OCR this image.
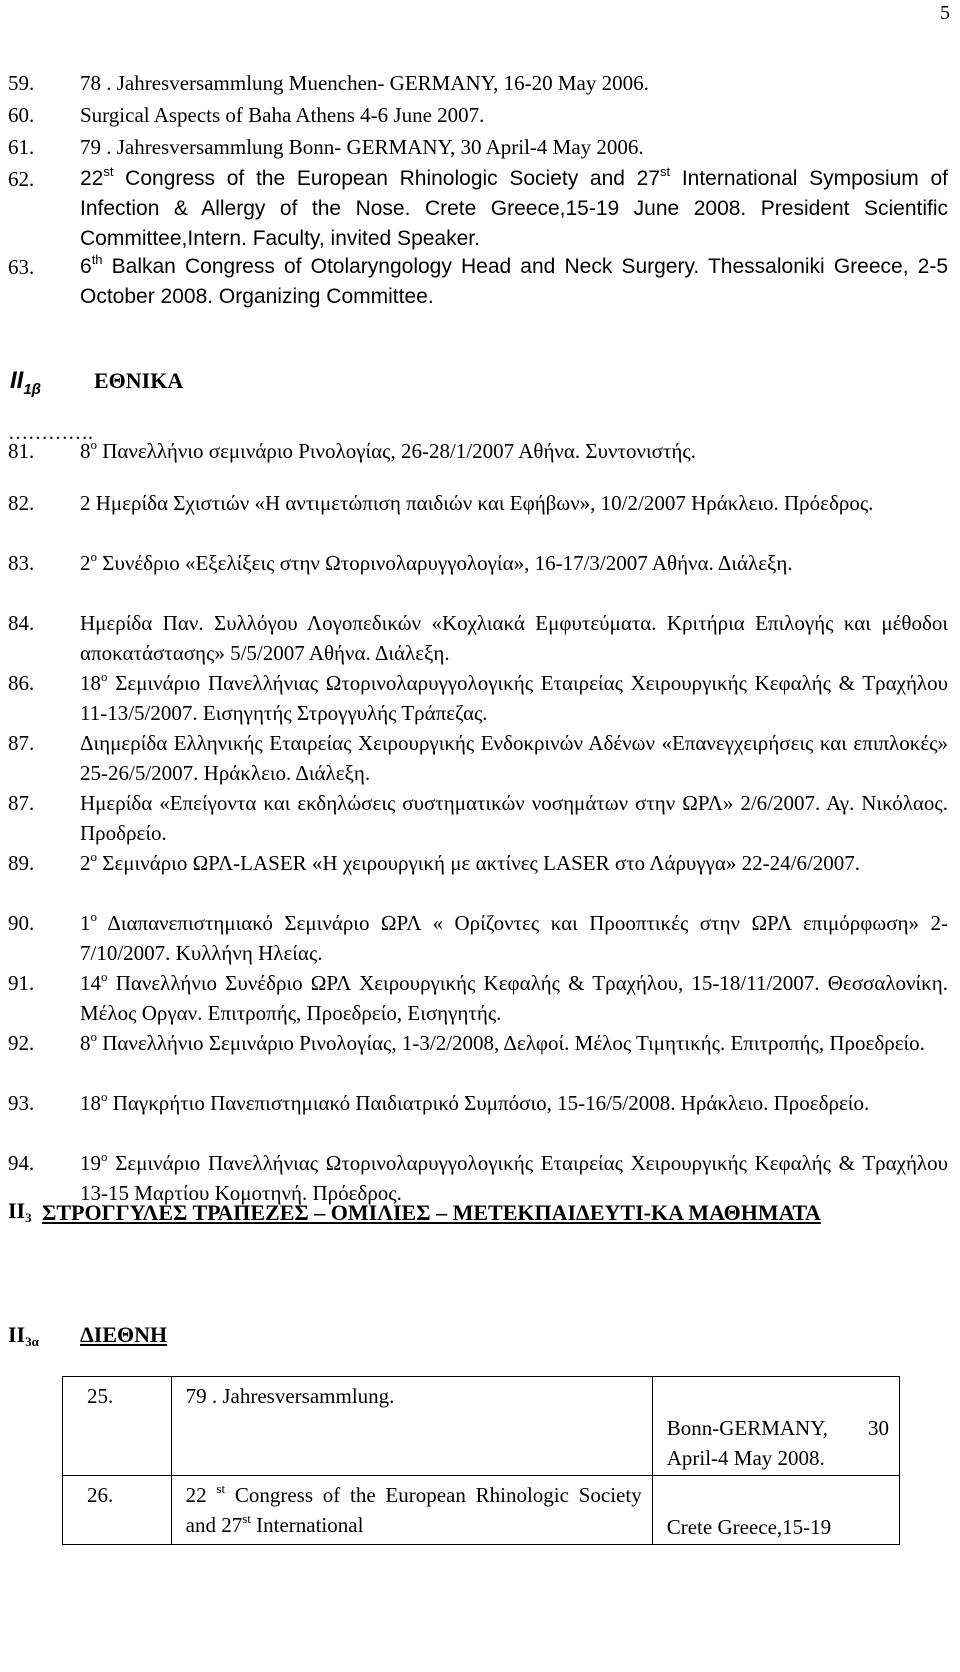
5
59.	78 . Jahresversammlung Muenchen- GERMANY, 16-20 May 2006.
60.	Surgical Aspects of Baha Athens 4-6 June 2007.
61.	79 . Jahresversammlung Bonn- GERMANY, 30 April-4 May 2006.
62.	22st Congress of the European Rhinologic Society and 27st International Symposium of Infection & Allergy of the Nose. Crete Greece,15-19 June 2008. President Scientific Committee,Intern. Faculty, invited Speaker.
63.	6th Balkan Congress of Otolaryngology Head and Neck Surgery. Thessaloniki Greece, 2-5 October 2008. Organizing Committee.
$II_{1\beta}$ ΕΘΝΙΚΑ
………….
81.	$8^o$ Πανελλήνιο σεμινάριο Ρινολογίας, 26-28/1/2007 Αθήνα. Συντονιστής.
82.	2 Ημερίδα Σχιστιών «Η αντιμετώπιση παιδιών και Εφήβων», 10/2/2007 Ηράκλειο. Πρόεδρος.
83.	$2^o$ Συνέδριο «Εξελίξεις στην Ωτορινολαρυγγολογία», 16-17/3/2007 Αθήνα. Διάλεξη.
84.	Ημερίδα Παν. Συλλόγου Λογοπεδικών «Κοχλιακά Εμφυτεύματα. Κριτήρια Επιλογής και μέθοδοι αποκατάστασης» 5/5/2007 Αθήνα. Διάλεξη.
86.	$18^o$ Σεμινάριο Πανελλήνιας Ωτορινολαρυγγολογικής Εταιρείας Χειρουργικής Κεφαλής & Τραχήλου 11-13/5/2007. Εισηγητής Στρογγυλής Τράπεζας.
87.	Διημερίδα Ελληνικής Εταιρείας Χειρουργικής Ενδοκρινών Αδένων «Επανεγχειρήσεις και επιπλοκές» 25-26/5/2007. Ηράκλειο. Διάλεξη.
87.	Ημερίδα «Επείγοντα και εκδηλώσεις συστηματικών νοσημάτων στην ΩΡΛ» 2/6/2007. Αγ. Νικόλαος. Προδρείο.
89.	$2^o$ Σεμινάριο ΩΡΛ-LASER «Η χειρουργική με ακτίνες LASER στο Λάρυγγα» 22-24/6/2007.
90.	$1^o$ Διαπανεπιστημιακό Σεμινάριο ΩΡΛ « Ορίζοντες και Προοπτικές στην ΩΡΛ επιμόρφωση» 2-7/10/2007. Κυλλήνη Ηλείας.
91.	$14^o$ Πανελλήνιο Συνέδριο ΩΡΛ Χειρουργικής Κεφαλής & Τραχήλου, 15-18/11/2007. Θεσσαλονίκη. Μέλος Οργαν. Επιτροπής, Προεδρείο, Εισηγητής.
92.	$8^o$ Πανελλήνιο Σεμινάριο Ρινολογίας, 1-3/2/2008, Δελφοί. Μέλος Τιμητικής. Επιτροπής, Προεδρείο.
93.	$18^o$ Παγκρήτιο Πανεπιστημιακό Παιδιατρικό Συμπόσιο, 15-16/5/2008. Ηράκλειο. Προεδρείο.
94.	$19^o$ Σεμινάριο Πανελλήνιας Ωτορινολαρυγγολογικής Εταιρείας Χειρουργικής Κεφαλής & Τραχήλου 13-15 Μαρτίου Κομοτηνή. Πρόεδρος.
$II_3$ ΣΤΡΟΓΓΥΛΕΣ ΤΡΑΠΕΖΕΣ – ΟΜΙΛΙΕΣ – ΜΕΤΕΚΠΑΙΔΕΥΤΙ-ΚΑ ΜΑΘΗΜΑΤΑ
$II_{3\alpha}$ ΔΙΕΘΝΗ
25.	79 . Jahresversammlung.	Bonn-GERMANY, 30 April-4 May 2008.
26.	22 $^{st}$ Congress of the European Rhinologic Society and 27st International	Crete Greece,15-19
